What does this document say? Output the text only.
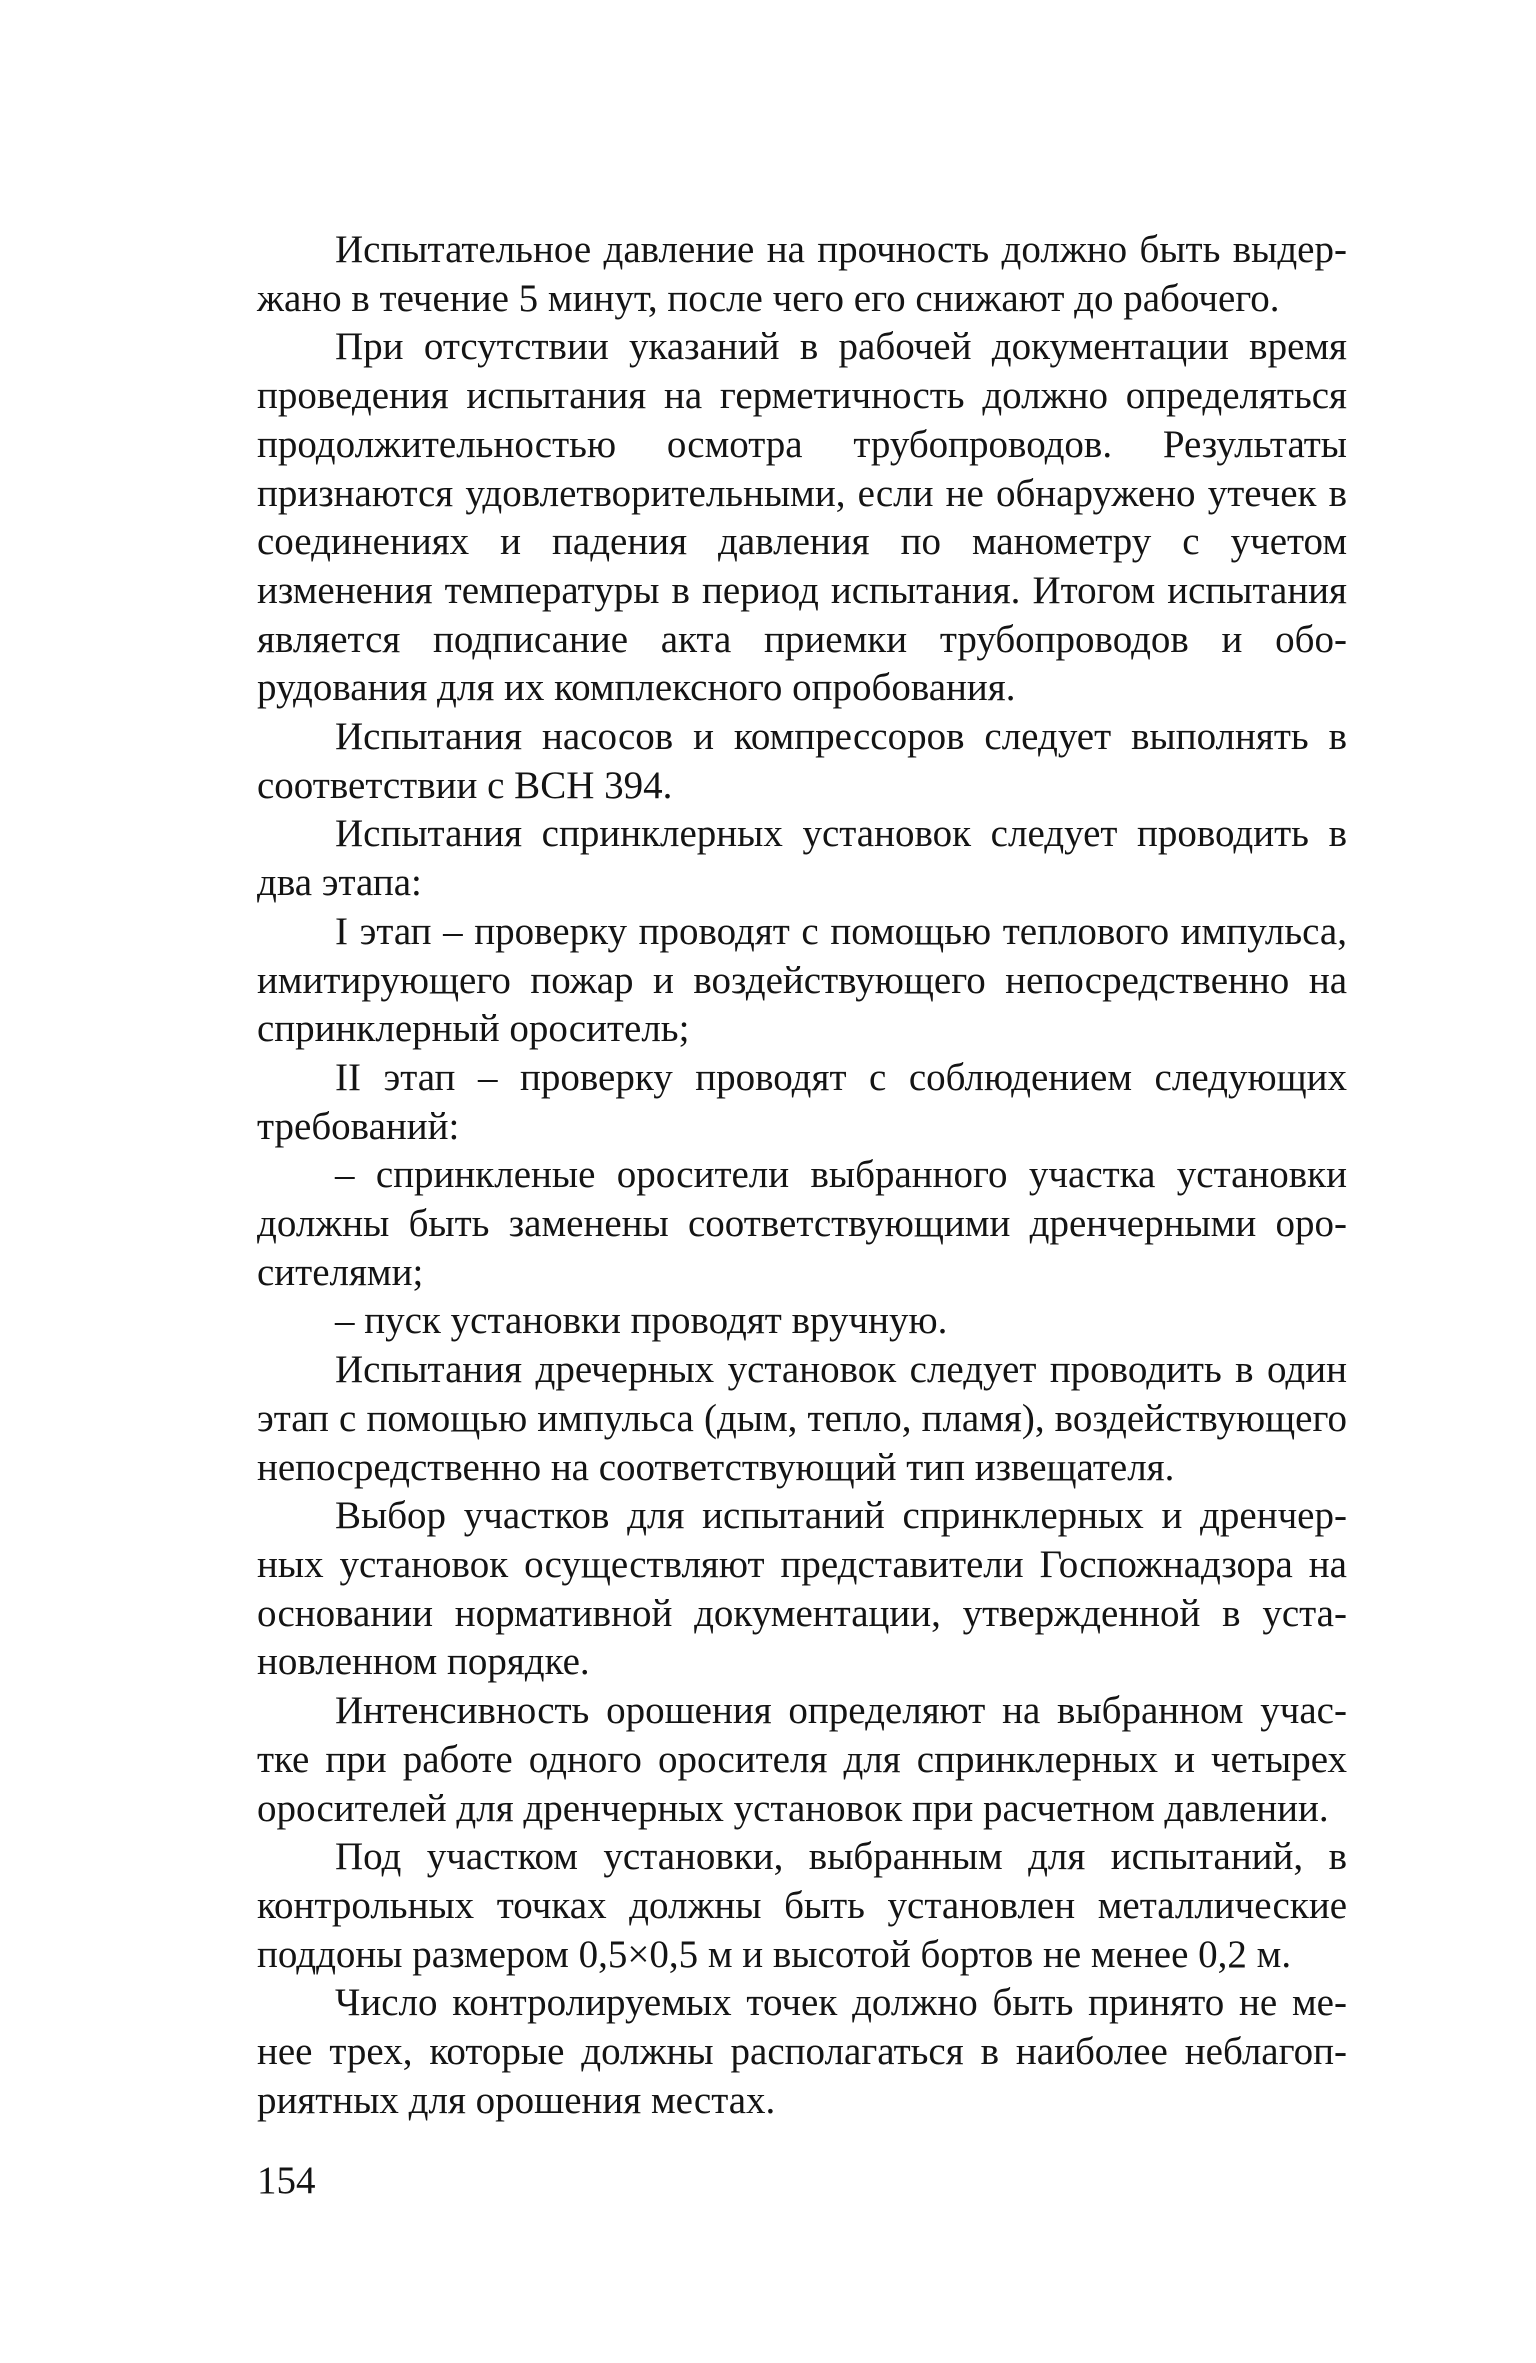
Испытательное давление на прочность должно быть выдержано в течение 5 минут, после чего его снижают до рабочего.

При отсутствии указаний в рабочей документации время проведения испытания на герметичность должно определяться продолжительностью осмотра трубопроводов. Результаты признаются удовлетворительными, если не обнаружено утечек в соединениях и падения давления по манометру с учетом изменения температуры в период испытания. Итогом испытания является подписание акта приемки трубопроводов и оборудования для их комплексного опробования.

Испытания насосов и компрессоров следует выполнять в соответствии с ВСН 394.

Испытания спринклерных установок следует проводить в два этапа:

I этап – проверку проводят с помощью теплового импульса, имитирующего пожар и воздействующего непосредственно на спринклерный ороситель;

II этап – проверку проводят с соблюдением следующих требований:

– спринкленые оросители выбранного участка установки должны быть заменены соответствующими дренчерными оросителями;

– пуск установки проводят вручную.

Испытания дречерных установок следует проводить в один этап с помощью импульса (дым, тепло, пламя), воздействующего непосредственно на соответствующий тип извещателя.

Выбор участков для испытаний спринклерных и дренчерных установок осуществляют представители Госпожнадзора на основании нормативной документации, утвержденной в установленном порядке.

Интенсивность орошения определяют на выбранном участке при работе одного оросителя для спринклерных и четырех оросителей для дренчерных установок при расчетном давлении.

Под участком установки, выбранным для испытаний, в контрольных точках должны быть установлен металлические поддоны размером 0,5×0,5 м и высотой бортов не менее 0,2 м.

Число контролируемых точек должно быть принято не менее трех, которые должны располагаться в наиболее неблагоприятных для орошения местах.

154
